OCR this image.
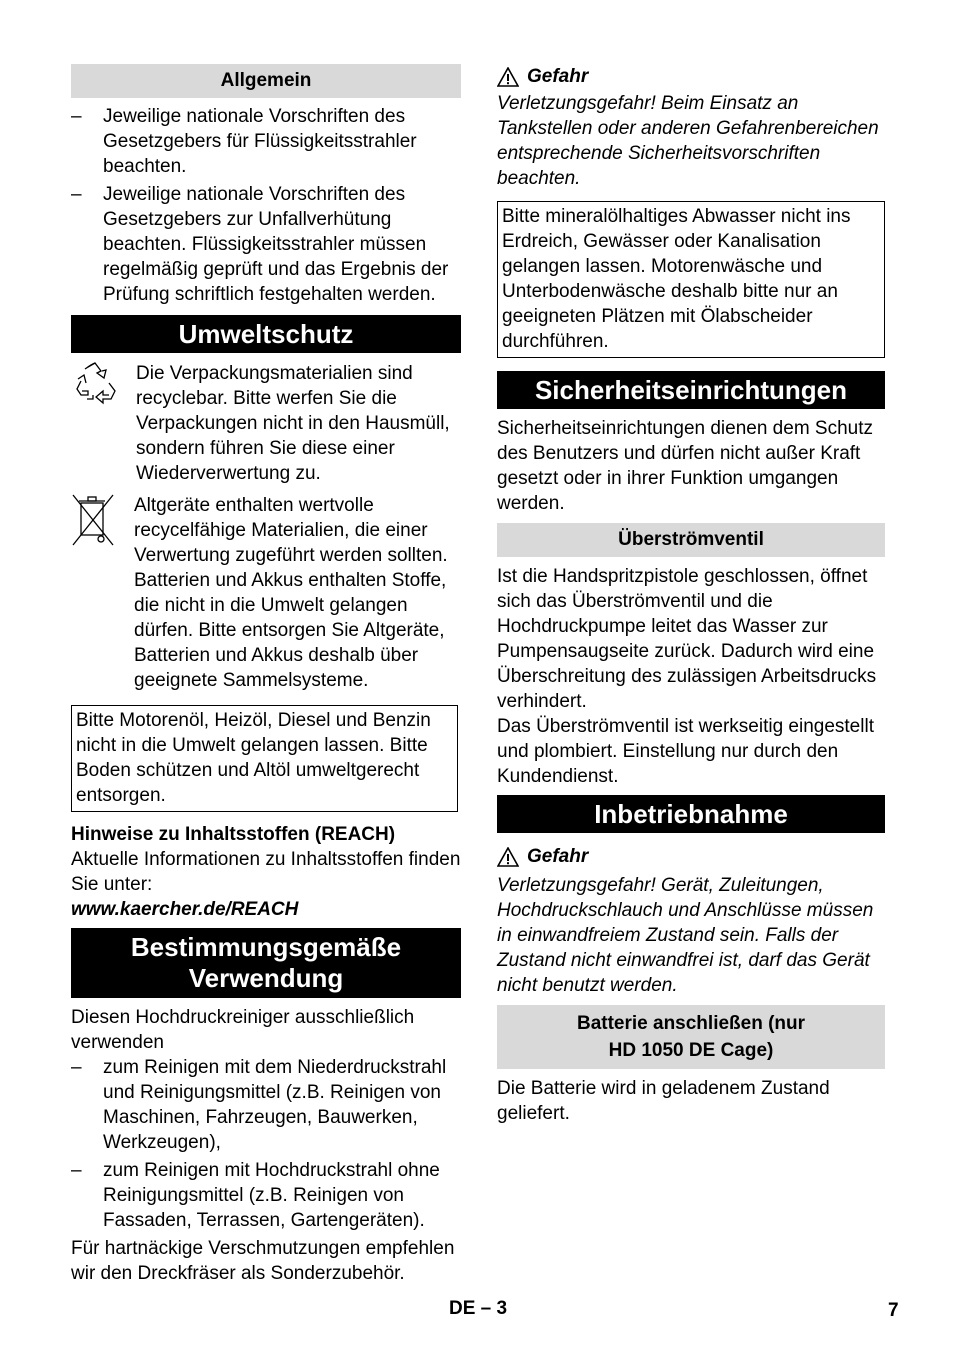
Allgemein
– Jeweilige nationale Vorschriften des Gesetzgebers für Flüssigkeitsstrahler beachten.
– Jeweilige nationale Vorschriften des Gesetzgebers zur Unfallverhütung beachten. Flüssigkeitsstrahler müssen regelmäßig geprüft und das Ergebnis der Prüfung schriftlich festgehalten werden.
Umweltschutz

Die Verpackungsmaterialien sind recyclebar. Bitte werfen Sie die Verpackungen nicht in den Hausmüll, sondern führen Sie diese einer Wiederverwertung zu.

Altgeräte enthalten wertvolle recycelfähige Materialien, die einer Verwertung zugeführt werden sollten. Batterien und Akkus enthalten Stoffe, die nicht in die Umwelt gelangen dürfen. Bitte entsorgen Sie Altgeräte, Batterien und Akkus deshalb über geeignete Sammelsysteme.

Bitte Motorenöl, Heizöl, Diesel und Benzin nicht in die Umwelt gelangen lassen. Bitte Boden schützen und Altöl umweltgerecht entsorgen.

Hinweise zu Inhaltsstoffen (REACH)

Aktuelle Informationen zu Inhaltsstoffen finden Sie unter:

www.kaercher.de/REACH

Bestimmungsgemäße Verwendung

Diesen Hochdruckreiniger ausschließlich verwenden

– zum Reinigen mit dem Niederdruckstrahl und Reinigungsmittel (z.B. Reinigen von Maschinen, Fahrzeugen, Bauwerken, Werkzeugen),
– zum Reinigen mit Hochdruckstrahl ohne Reinigungsmittel (z.B. Reinigen von Fassaden, Terrassen, Gartengeräten).

Für hartnäckige Verschmutzungen empfehlen wir den Dreckfräser als Sonderzubehör.

Gefahr

Verletzungsgefahr! Beim Einsatz an Tankstellen oder anderen Gefahrenbereichen entsprechende Sicherheitsvorschriften beachten.

Bitte mineralölhaltiges Abwasser nicht ins Erdreich, Gewässer oder Kanalisation gelangen lassen. Motorenwäsche und Unterbodenwäsche deshalb bitte nur an geeigneten Plätzen mit Ölabscheider durchführen.

Sicherheitseinrichtungen

Sicherheitseinrichtungen dienen dem Schutz des Benutzers und dürfen nicht außer Kraft gesetzt oder in ihrer Funktion umgangen werden.

Überströmventil

Ist die Handspritzpistole geschlossen, öffnet sich das Überströmventil und die Hochdruckpumpe leitet das Wasser zur Pumpensaugseite zurück. Dadurch wird eine Überschreitung des zulässigen Arbeitsdrucks verhindert.

Das Überströmventil ist werkseitig eingestellt und plombiert. Einstellung nur durch den Kundendienst.

Inbetriebnahme
Gefahr

Verletzungsgefahr! Gerät, Zuleitungen, Hochdruckschlauch und Anschlüsse müssen in einwandfreiem Zustand sein. Falls der Zustand nicht einwandfrei ist, darf das Gerät nicht benutzt werden.

Batterie anschließen (nur
HD 1050 DE Cage)

Die Batterie wird in geladenem Zustand geliefert.

DE – 3	7
